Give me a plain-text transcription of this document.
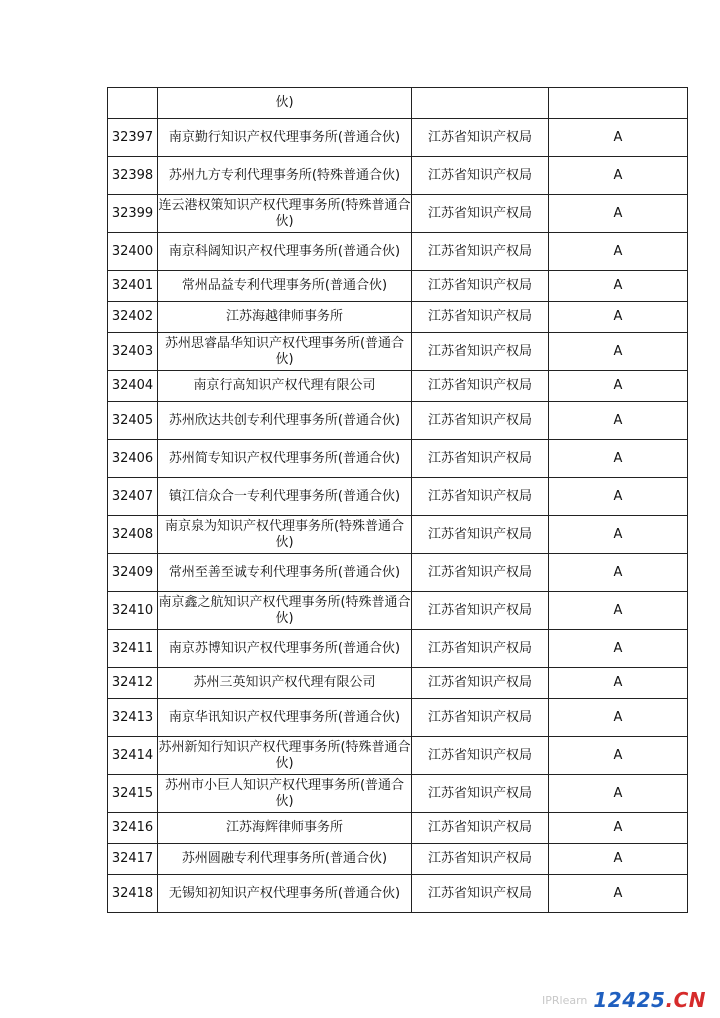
	伙)		
32397	南京勤行知识产权代理事务所(普通合伙)	江苏省知识产权局	A
32398	苏州九方专利代理事务所(特殊普通合伙)	江苏省知识产权局	A
32399	连云港权策知识产权代理事务所(特殊普通合伙)	江苏省知识产权局	A
32400	南京科阔知识产权代理事务所(普通合伙)	江苏省知识产权局	A
32401	常州品益专利代理事务所(普通合伙)	江苏省知识产权局	A
32402	江苏海越律师事务所	江苏省知识产权局	A
32403	苏州思睿晶华知识产权代理事务所(普通合伙)	江苏省知识产权局	A
32404	南京行高知识产权代理有限公司	江苏省知识产权局	A
32405	苏州欣达共创专利代理事务所(普通合伙)	江苏省知识产权局	A
32406	苏州简专知识产权代理事务所(普通合伙)	江苏省知识产权局	A
32407	镇江信众合一专利代理事务所(普通合伙)	江苏省知识产权局	A
32408	南京泉为知识产权代理事务所(特殊普通合伙)	江苏省知识产权局	A
32409	常州至善至诚专利代理事务所(普通合伙)	江苏省知识产权局	A
32410	南京鑫之航知识产权代理事务所(特殊普通合伙)	江苏省知识产权局	A
32411	南京苏博知识产权代理事务所(普通合伙)	江苏省知识产权局	A
32412	苏州三英知识产权代理有限公司	江苏省知识产权局	A
32413	南京华讯知识产权代理事务所(普通合伙)	江苏省知识产权局	A
32414	苏州新知行知识产权代理事务所(特殊普通合伙)	江苏省知识产权局	A
32415	苏州市小巨人知识产权代理事务所(普通合伙)	江苏省知识产权局	A
32416	江苏海辉律师事务所	江苏省知识产权局	A
32417	苏州圆融专利代理事务所(普通合伙)	江苏省知识产权局	A
32418	无锡知初知识产权代理事务所(普通合伙)	江苏省知识产权局	A
IPRlearn 12425.CN
